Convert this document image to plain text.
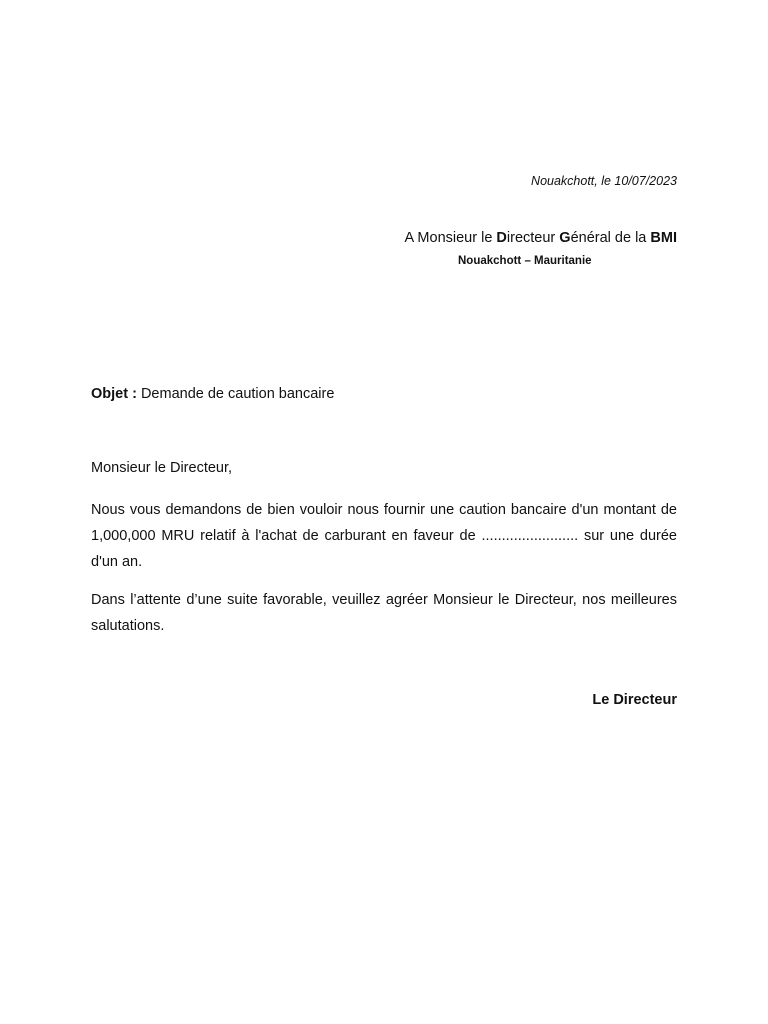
Nouakchott, le 10/07/2023
A Monsieur le Directeur Général de la BMI
Nouakchott – Mauritanie
Objet : Demande de caution bancaire
Monsieur le Directeur,
Nous vous demandons de bien vouloir nous fournir une caution bancaire d'un montant de 1,000,000 MRU relatif à l'achat de carburant en faveur de ........................ sur une durée d'un an.
Dans l’attente d’une suite favorable, veuillez agréer Monsieur le Directeur, nos meilleures salutations.
Le Directeur
